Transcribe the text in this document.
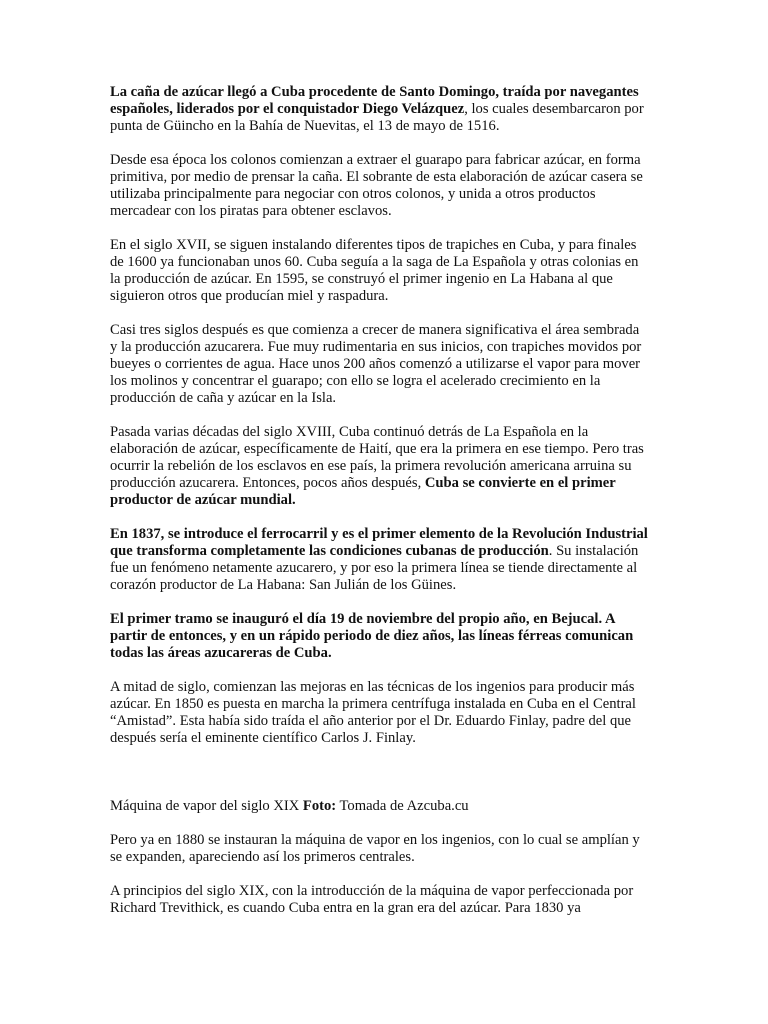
La caña de azúcar llegó a Cuba procedente de Santo Domingo, traída por navegantes españoles, liderados por el conquistador Diego Velázquez, los cuales desembarcaron por punta de Güincho en la Bahía de Nuevitas, el 13 de mayo de 1516.

Desde esa época los colonos comienzan a extraer el guarapo para fabricar azúcar, en forma primitiva, por medio de prensar la caña. El sobrante de esta elaboración de azúcar casera se utilizaba principalmente para negociar con otros colonos, y unida a otros productos mercadear con los piratas para obtener esclavos.

En el siglo XVII, se siguen instalando diferentes tipos de trapiches en Cuba, y para finales de 1600 ya funcionaban unos 60. Cuba seguía a la saga de La Española y otras colonias en la producción de azúcar. En 1595, se construyó el primer ingenio en La Habana al que siguieron otros que producían miel y raspadura.

Casi tres siglos después es que comienza a crecer de manera significativa el área sembrada y la producción azucarera. Fue muy rudimentaria en sus inicios, con trapiches movidos por bueyes o corrientes de agua. Hace unos 200 años comenzó a utilizarse el vapor para mover los molinos y concentrar el guarapo; con ello se logra el acelerado crecimiento en la producción de caña y azúcar en la Isla.

Pasada varias décadas del siglo XVIII, Cuba continuó detrás de La Española en la elaboración de azúcar, específicamente de Haití, que era la primera en ese tiempo. Pero tras ocurrir la rebelión de los esclavos en ese país, la primera revolución americana arruina su producción azucarera. Entonces, pocos años después, Cuba se convierte en el primer productor de azúcar mundial.

En 1837, se introduce el ferrocarril y es el primer elemento de la Revolución Industrial que transforma completamente las condiciones cubanas de producción. Su instalación fue un fenómeno netamente azucarero, y por eso la primera línea se tiende directamente al corazón productor de La Habana: San Julián de los Güines.

El primer tramo se inauguró el día 19 de noviembre del propio año, en Bejucal. A partir de entonces, y en un rápido periodo de diez años, las líneas férreas comunican todas las áreas azucareras de Cuba.

A mitad de siglo, comienzan las mejoras en las técnicas de los ingenios para producir más azúcar. En 1850 es puesta en marcha la primera centrífuga instalada en Cuba en el Central “Amistad”. Esta había sido traída el año anterior por el Dr. Eduardo Finlay, padre del que después sería el eminente científico Carlos J. Finlay.

Máquina de vapor del siglo XIX Foto: Tomada de Azcuba.cu

Pero ya en 1880 se instauran la máquina de vapor en los ingenios, con lo cual se amplían y se expanden, apareciendo así los primeros centrales.

A principios del siglo XIX, con la introducción de la máquina de vapor perfeccionada por Richard Trevithick, es cuando Cuba entra en la gran era del azúcar. Para 1830 ya
